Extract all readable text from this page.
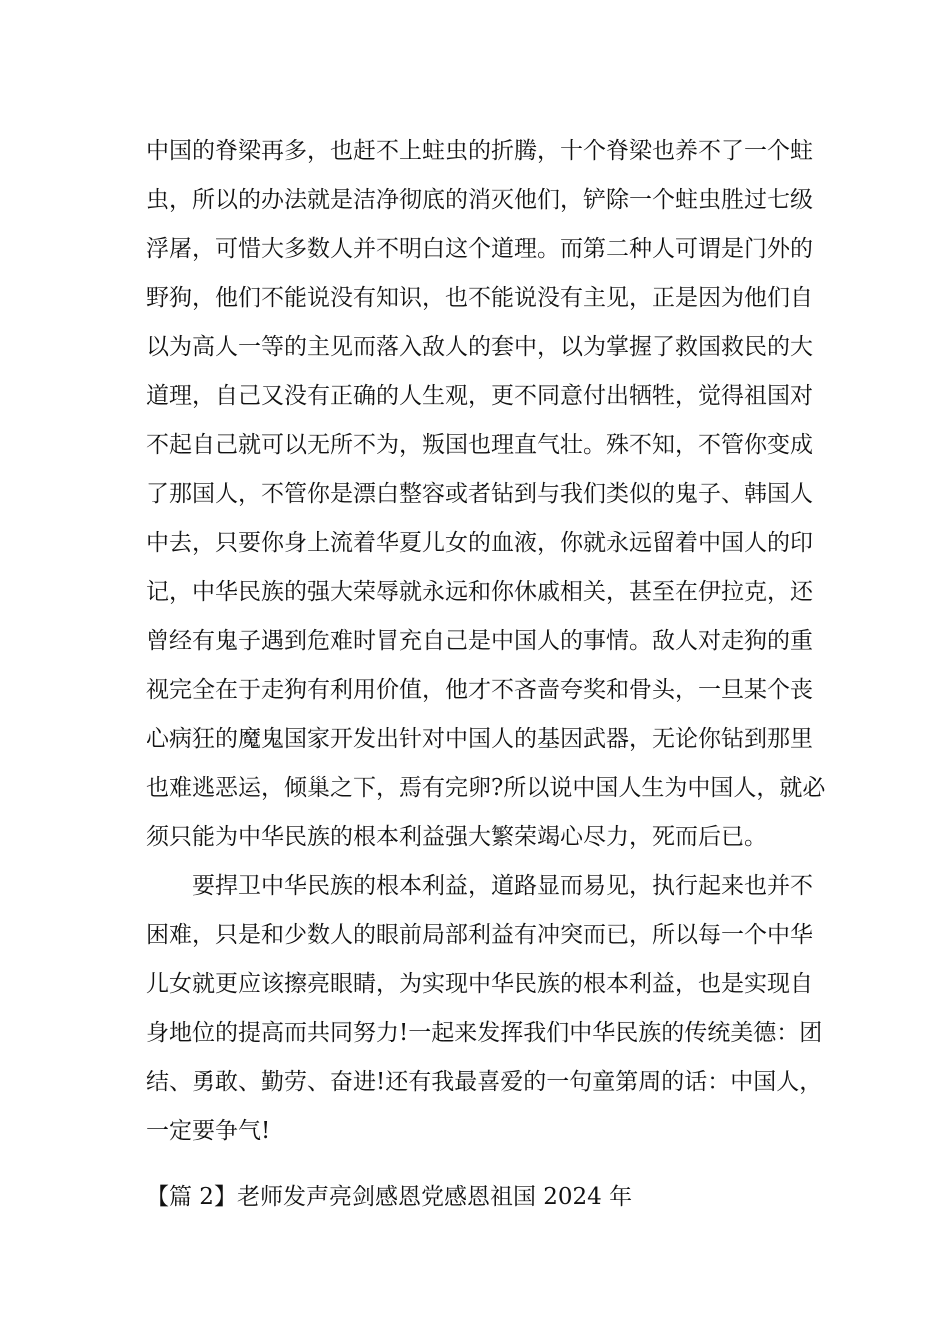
中国的脊梁再多，也赶不上蛀虫的折腾，十个脊梁也养不了一个蛀
虫，所以的办法就是洁净彻底的消灭他们，铲除一个蛀虫胜过七级
浮屠，可惜大多数人并不明白这个道理。而第二种人可谓是门外的
野狗，他们不能说没有知识，也不能说没有主见，正是因为他们自
以为高人一等的主见而落入敌人的套中，以为掌握了救国救民的大
道理，自己又没有正确的人生观，更不同意付出牺牲，觉得祖国对
不起自己就可以无所不为，叛国也理直气壮。殊不知，不管你变成
了那国人，不管你是漂白整容或者钻到与我们类似的鬼子、韩国人
中去，只要你身上流着华夏儿女的血液，你就永远留着中国人的印
记，中华民族的强大荣辱就永远和你休戚相关，甚至在伊拉克，还
曾经有鬼子遇到危难时冒充自己是中国人的事情。敌人对走狗的重
视完全在于走狗有利用价值，他才不吝啬夸奖和骨头，一旦某个丧
心病狂的魔鬼国家开发出针对中国人的基因武器，无论你钻到那里
也难逃恶运，倾巢之下，焉有完卵?所以说中国人生为中国人，就必
须只能为中华民族的根本利益强大繁荣竭心尽力，死而后已。
要捍卫中华民族的根本利益，道路显而易见，执行起来也并不
困难，只是和少数人的眼前局部利益有冲突而已，所以每一个中华
儿女就更应该擦亮眼睛，为实现中华民族的根本利益，也是实现自
身地位的提高而共同努力!一起来发挥我们中华民族的传统美德：团
结、勇敢、勤劳、奋进!还有我最喜爱的一句童第周的话：中国人，
一定要争气!
【篇 2】老师发声亮剑感恩党感恩祖国 2024 年
